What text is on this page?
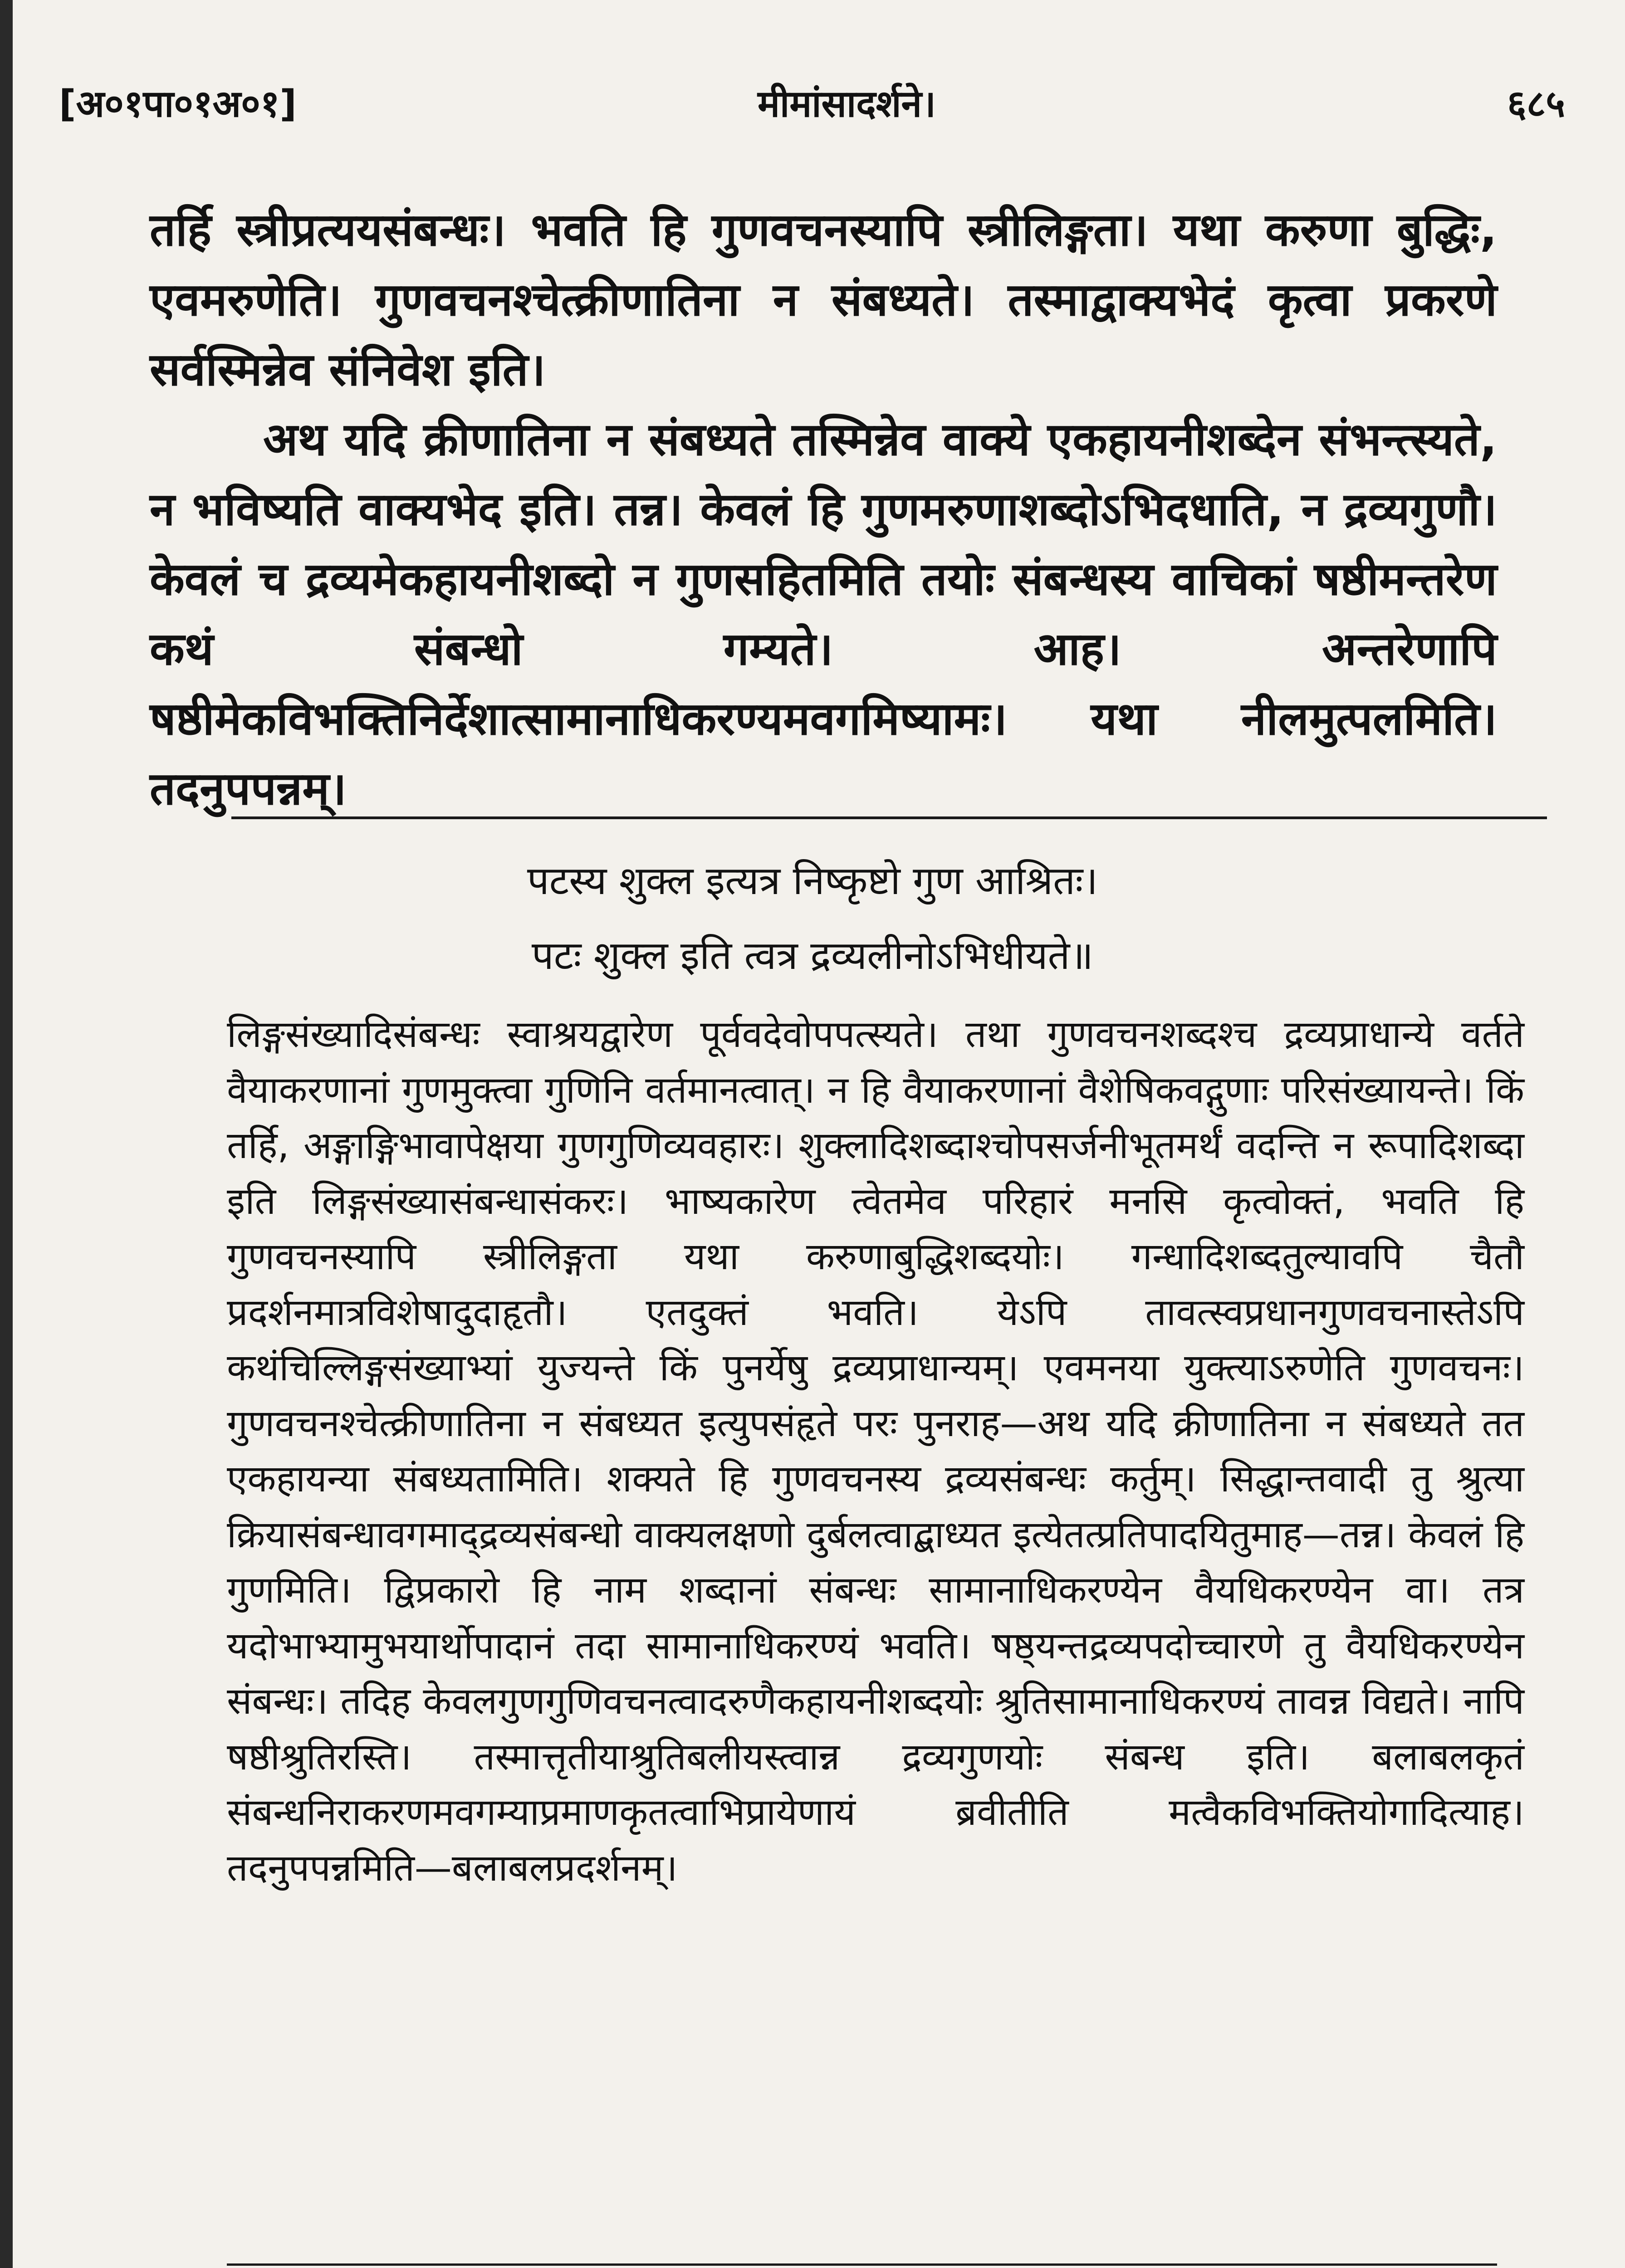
[अ०१पा०१अ०१]	मीमांसादर्शने।	६८५

तर्हि स्त्रीप्रत्ययसंबन्धः। भवति हि गुणवचनस्यापि स्त्रीलिङ्गता। यथा करुणा बुद्धिः, एवमरुणेति। गुणवचनश्चेत्क्रीणातिना न संबध्यते। तस्माद्वाक्यभेदं कृत्वा प्रकरणे सर्वस्मिन्नेव संनिवेश इति।

अथ यदि क्रीणातिना न संबध्यते तस्मिन्नेव वाक्ये एकहायनीशब्देन संभन्त्स्यते, न भविष्यति वाक्यभेद इति। तन्न। केवलं हि गुणमरुणाशब्दोऽभिदधाति, न द्रव्यगुणौ। केवलं च द्रव्यमेकहायनीशब्दो न गुणसहितमिति तयोः संबन्धस्य वाचिकां षष्ठीमन्तरेण कथं संबन्धो गम्यते। आह। अन्तरेणापि षष्ठीमेकविभक्तिनिर्देशात्सामानाधिकरण्यमवगमिष्यामः। यथा नीलमुत्पलमिति। तदनुपपन्नम्।

पटस्य शुक्ल इत्यत्र निष्कृष्टो गुण आश्रितः।
पटः शुक्ल इति त्वत्र द्रव्यलीनोऽभिधीयते॥

लिङ्गसंख्यादिसंबन्धः स्वाश्रयद्वारेण पूर्ववदेवोपपत्स्यते। तथा गुणवचनशब्दश्च द्रव्यप्राधान्ये वर्तते वैयाकरणानां गुणमुक्त्वा गुणिनि वर्तमानत्वात्। न हि वैयाकरणानां वैशेषिकवद्गुणाः परिसंख्यायन्ते। किं तर्हि, अङ्गाङ्गिभावापेक्षया गुणगुणिव्यवहारः। शुक्लादिशब्दाश्चोपसर्जनीभूतमर्थं वदन्ति न रूपादिशब्दा इति लिङ्गसंख्यासंबन्धासंकरः। भाष्यकारेण त्वेतमेव परिहारं मनसि कृत्वोक्तं, भवति हि गुणवचनस्यापि स्त्रीलिङ्गता यथा करुणाबुद्धिशब्दयोः। गन्धादिशब्दतुल्यावपि चैतौ प्रदर्शनमात्रविशेषादुदाहृतौ। एतदुक्तं भवति। येऽपि तावत्स्वप्रधानगुणवचनास्तेऽपि कथंचिल्लिङ्गसंख्याभ्यां युज्यन्ते किं पुनर्येषु द्रव्यप्राधान्यम्। एवमनया युक्त्याऽरुणेति गुणवचनः। गुणवचनश्चेत्क्रीणातिना न संबध्यत इत्युपसंहृते परः पुनराह—अथ यदि क्रीणातिना न संबध्यते तत एकहायन्या संबध्यतामिति। शक्यते हि गुणवचनस्य द्रव्यसंबन्धः कर्तुम्। सिद्धान्तवादी तु श्रुत्या क्रियासंबन्धावगमाद्द्रव्यसंबन्धो वाक्यलक्षणो दुर्बलत्वाद्बाध्यत इत्येतत्प्रतिपादयितुमाह—तन्न। केवलं हि गुणमिति। द्विप्रकारो हि नाम शब्दानां संबन्धः सामानाधिकरण्येन वैयधिकरण्येन वा। तत्र यदोभाभ्यामुभयार्थोपादानं तदा सामानाधिकरण्यं भवति। षष्ठ्यन्तद्रव्यपदोच्चारणे तु वैयधिकरण्येन संबन्धः। तदिह केवलगुणगुणिवचनत्वादरुणैकहायनीशब्दयोः श्रुतिसामानाधिकरण्यं तावन्न विद्यते। नापि षष्ठीश्रुतिरस्ति। तस्मात्तृतीयाश्रुतिबलीयस्त्वान्न द्रव्यगुणयोः संबन्ध इति। बलाबलकृतं संबन्धनिराकरणमवगम्याप्रमाणकृतत्वाभिप्रायेणायं ब्रवीतीति मत्वैकविभक्तियोगादित्याह। तदनुपपन्नमिति—बलाबलप्रदर्शनम्।
